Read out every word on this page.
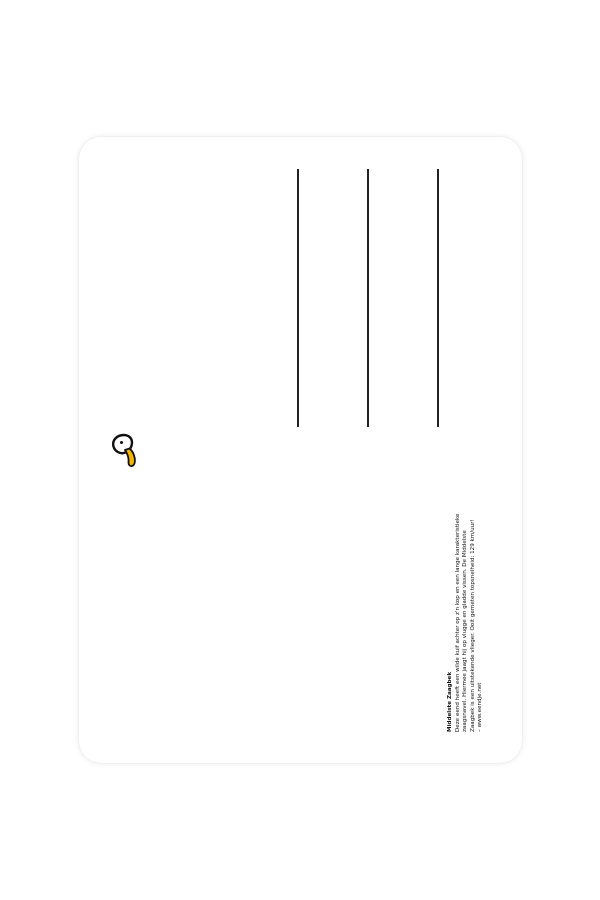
Middelste Zaagbek Deze eend heeft een wilde kuif achter op z'n kop en een lange karakteristieke zaagsnavel. Hiermee jaagt hij op vlugge en gladde vissen. De Middelste Zaagbek is een uitstekende vlieger. Ooit gemeten topsnelheid: 129 km/uur! – www.eendje.net
